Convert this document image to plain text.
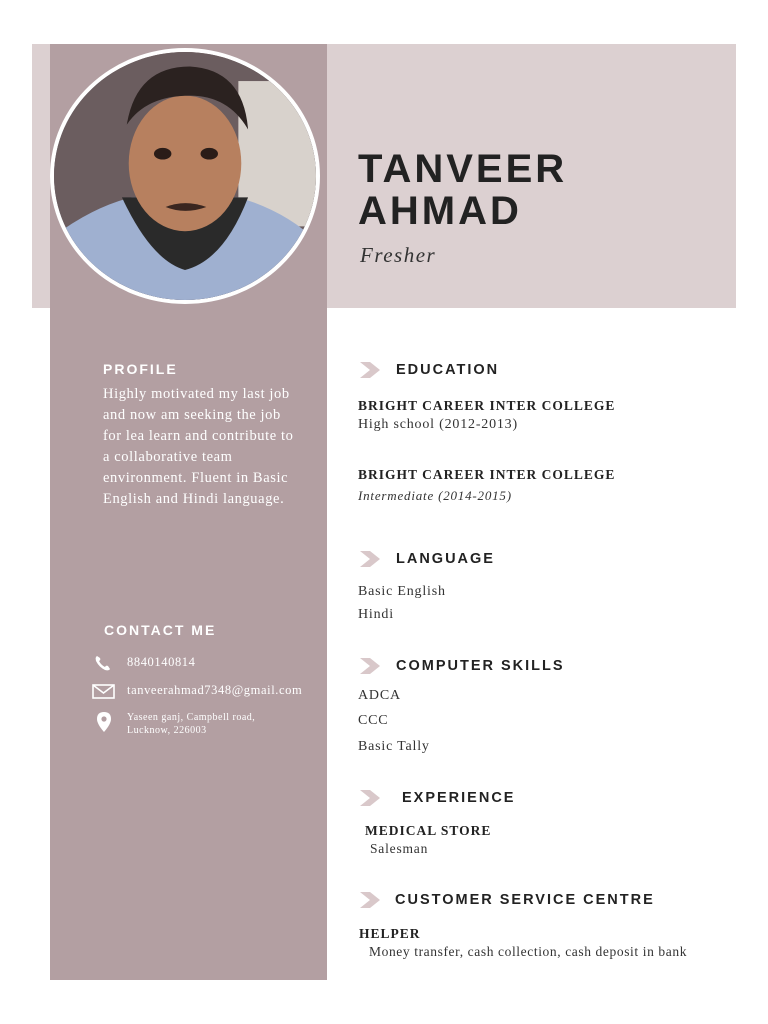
TANVEER
AHMAD
Fresher
PROFILE
Highly motivated my last job and now am seeking the job for lea learn and contribute to a collaborative team environment. Fluent in Basic English and Hindi language.
CONTACT ME
8840140814
tanveerahmad7348@gmail.com
Yaseen ganj, Campbell road,
Lucknow, 226003
EDUCATION
BRIGHT CAREER INTER COLLEGE
High school (2012-2013)
BRIGHT CAREER INTER COLLEGE
Intermediate (2014-2015)
LANGUAGE
Basic English
Hindi
COMPUTER SKILLS
ADCA
CCC
Basic Tally
EXPERIENCE
MEDICAL STORE
Salesman
CUSTOMER SERVICE CENTRE
HELPER
Money transfer, cash collection, cash deposit in bank
